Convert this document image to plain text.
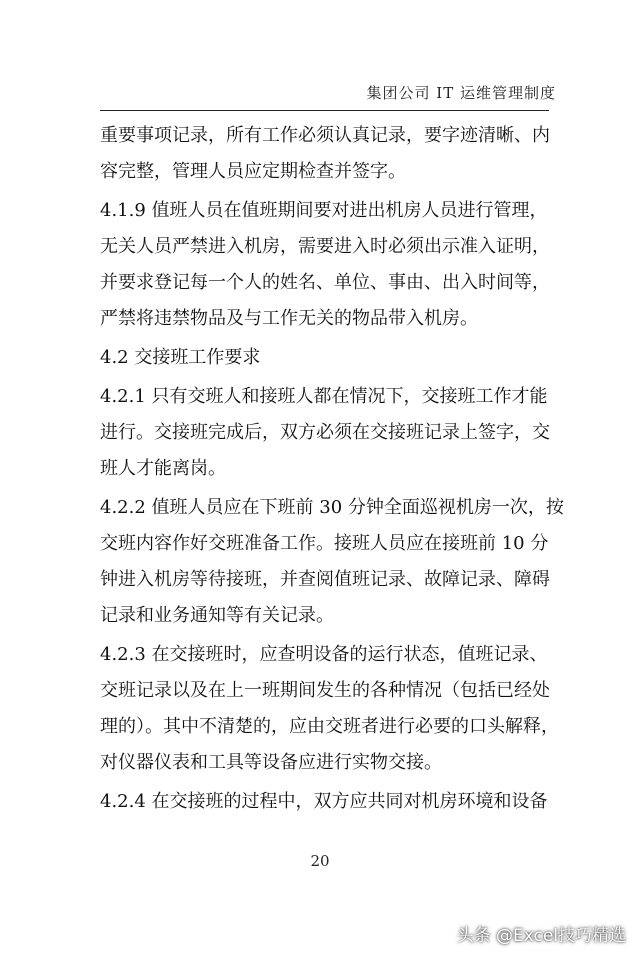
集团公司 IT 运维管理制度
重要事项记录，所有工作必须认真记录，要字迹清晰、内
容完整，管理人员应定期检查并签字。
4.1.9 值班人员在值班期间要对进出机房人员进行管理，
无关人员严禁进入机房，需要进入时必须出示准入证明，
并要求登记每一个人的姓名、单位、事由、出入时间等，
严禁将违禁物品及与工作无关的物品带入机房。
4.2 交接班工作要求
4.2.1 只有交班人和接班人都在情况下，交接班工作才能
进行。交接班完成后，双方必须在交接班记录上签字，交
班人才能离岗。
4.2.2 值班人员应在下班前 30 分钟全面巡视机房一次，按
交班内容作好交班准备工作。接班人员应在接班前 10 分
钟进入机房等待接班，并查阅值班记录、故障记录、障碍
记录和业务通知等有关记录。
4.2.3 在交接班时，应查明设备的运行状态，值班记录、
交班记录以及在上一班期间发生的各种情况（包括已经处
理的）。其中不清楚的，应由交班者进行必要的口头解释，
对仪器仪表和工具等设备应进行实物交接。
4.2.4 在交接班的过程中，双方应共同对机房环境和设备
20
头条 @Excel技巧精选
